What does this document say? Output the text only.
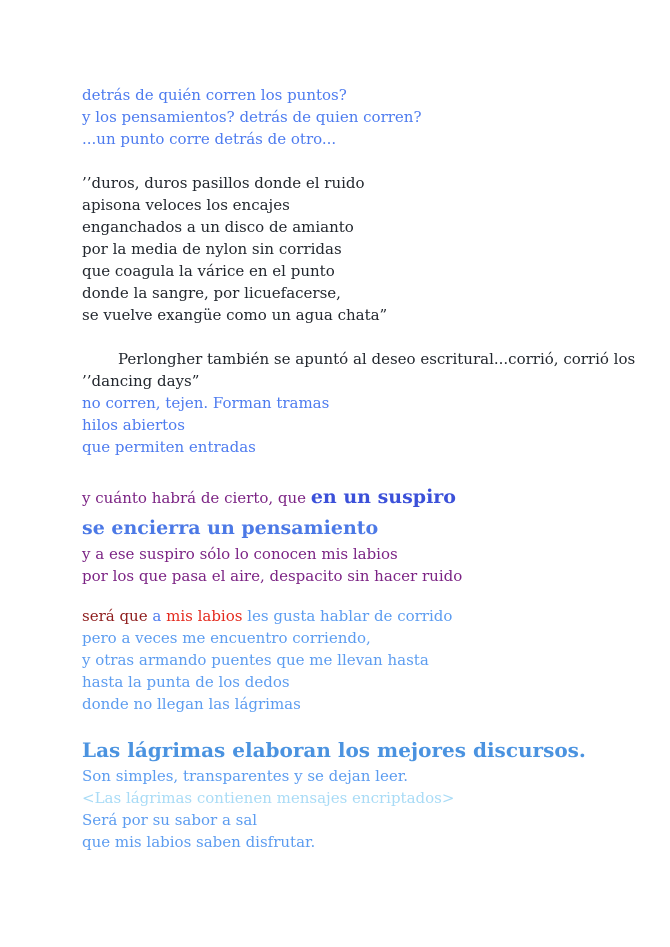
detrás de quién corren los puntos?
y los pensamientos? detrás de quien corren?
...un punto corre detrás de otro...
’’duros, duros pasillos donde el ruido
apisona veloces los encajes
enganchados a un disco de amianto
por la media de nylon sin corridas
que coagula la várice en el punto
donde la sangre, por licuefacerse,
se vuelve exangüe como un agua chata”
Perlongher también se apuntó al deseo escritural...corrió, corrió los
’’dancing days”
no corren, tejen. Forman tramas
hilos abiertos
que permiten entradas
y cuánto habrá de cierto, que en un suspiro
se encierra un pensamiento
y a ese suspiro sólo lo conocen mis labios
por los que pasa el aire, despacito sin hacer ruido
será que a mis labios les gusta hablar de corrido
pero a veces me encuentro corriendo,
y otras armando puentes que me llevan hasta
hasta la punta de los dedos
donde no llegan las lágrimas
Las lágrimas elaboran los mejores discursos.
Son simples, transparentes y se dejan leer.
<Las lágrimas contienen mensajes encriptados>
Será por su sabor a sal
que mis labios saben disfrutar.
